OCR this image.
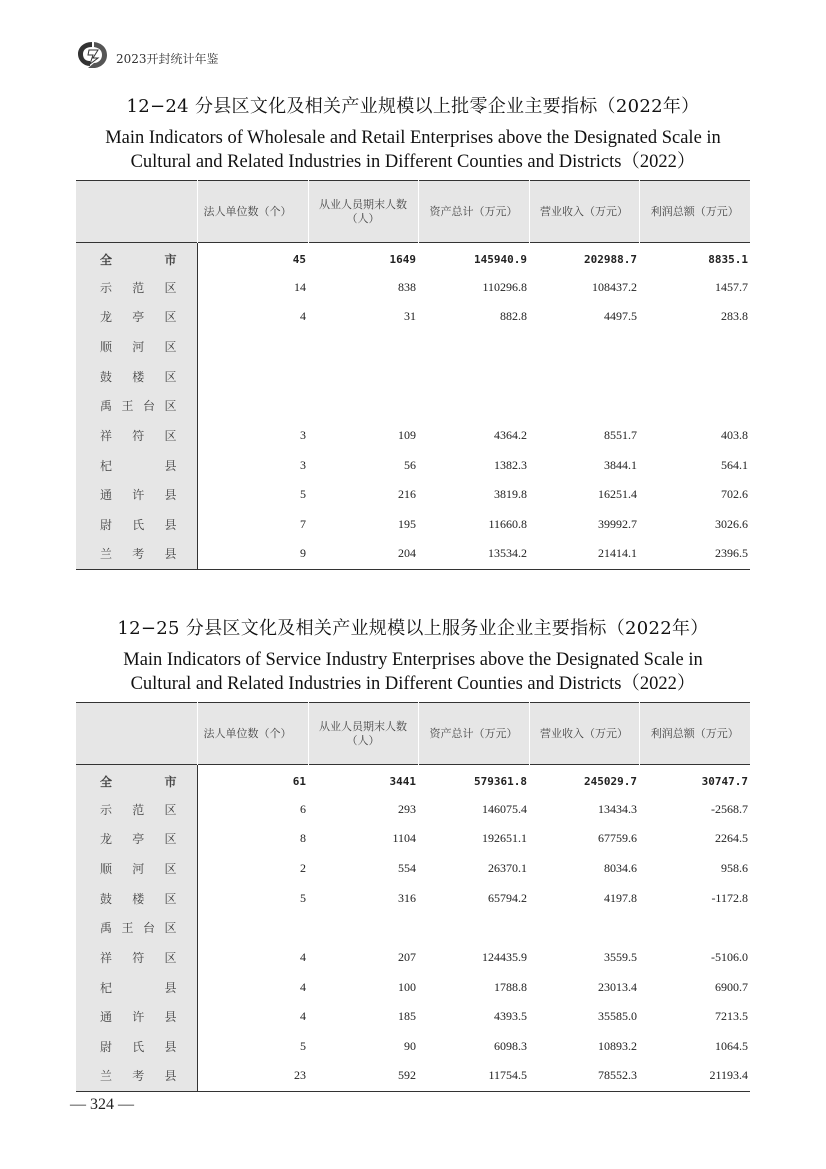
2023开封统计年鉴
12−24 分县区文化及相关产业规模以上批零企业主要指标（2022年）
Main Indicators of Wholesale and Retail Enterprises above the Designated Scale in
Cultural and Related Industries in Different Counties and Districts（2022）

	法人单位数（个）	从业人员期末人数
（人）	资产总计（万元）	营业收入（万元）	利润总额（万元）

全 市	45	1649	145940.9	202988.7	8835.1

示 范 区	14	838	110296.8	108437.2	1457.7

龙 亭 区	4	31	882.8	4497.5	283.8

顺 河 区					

鼓 楼 区					

禹 王 台 区					

祥 符 区	3	109	4364.2	8551.7	403.8

杞 县	3	56	1382.3	3844.1	564.1

通 许 县	5	216	3819.8	16251.4	702.6

尉 氏 县	7	195	11660.8	39992.7	3026.6

兰 考 县	9	204	13534.2	21414.1	2396.5
12−25 分县区文化及相关产业规模以上服务业企业主要指标（2022年）
Main Indicators of Service Industry Enterprises above the Designated Scale in
Cultural and Related Industries in Different Counties and Districts（2022）

	法人单位数（个）	从业人员期末人数
（人）	资产总计（万元）	营业收入（万元）	利润总额（万元）

全 市	61	3441	579361.8	245029.7	30747.7

示 范 区	6	293	146075.4	13434.3	-2568.7

龙 亭 区	8	1104	192651.1	67759.6	2264.5

顺 河 区	2	554	26370.1	8034.6	958.6

鼓 楼 区	5	316	65794.2	4197.8	-1172.8

禹 王 台 区					

祥 符 区	4	207	124435.9	3559.5	-5106.0

杞 县	4	100	1788.8	23013.4	6900.7

通 许 县	4	185	4393.5	35585.0	7213.5

尉 氏 县	5	90	6098.3	10893.2	1064.5

兰 考 县	23	592	11754.5	78552.3	21193.4
— 324 —
